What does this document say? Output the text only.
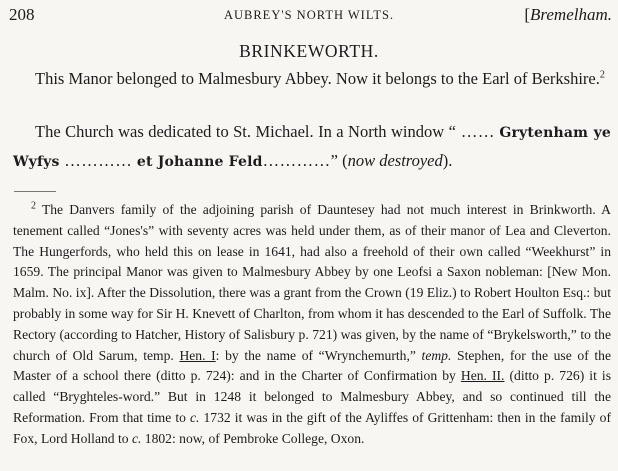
208	AUBREY'S NORTH WILTS.
[	Bremelham.
BRINKEWORTH.
This Manor belonged to Malmesbury Abbey. Now it belongs to the Earl of Berkshire.$^2$
The Church was dedicated to St. Michael. In a North window “ …… Grytenham ye Wyfys ………… et Johanne Feld…………” (now destroyed).

$^2$ The Danvers family of the adjoining parish of Dauntesey had not much interest in Brinkworth. A tenement called “Jones's” with seventy acres was held under them, as of their manor of Lea and Cleverton. The Hungerfords, who held this on lease in 1641, had also a freehold of their own called “Weekhurst” in 1659. The principal Manor was given to Malmesbury Abbey by one Leofsi a Saxon nobleman: [New Mon. Malm. No. ix]. After the Dissolution, there was a grant from the Crown (19 Eliz.) to Robert Houlton Esq.: but probably in some way for Sir H. Knevett of Charlton, from whom it has descended to the Earl of Suffolk. The Rectory (according to Hatcher, History of Salisbury p. 721) was given, by the name of “Brykelsworth,” to the church of Old Sarum, temp. Hen. I: by the name of “Wrynchemurth,” temp. Stephen, for the use of the Master of a school there (ditto p. 724): and in the Charter of Confirmation by Hen. II. (ditto p. 726) it is called “Bryghteles-word.” But in 1248 it belonged to Malmesbury Abbey, and so continued till the Reformation. From that time to c. 1732 it was in the gift of the Ayliffes of Grittenham: then in the family of Fox, Lord Holland to c. 1802: now, of Pembroke College, Oxon.
